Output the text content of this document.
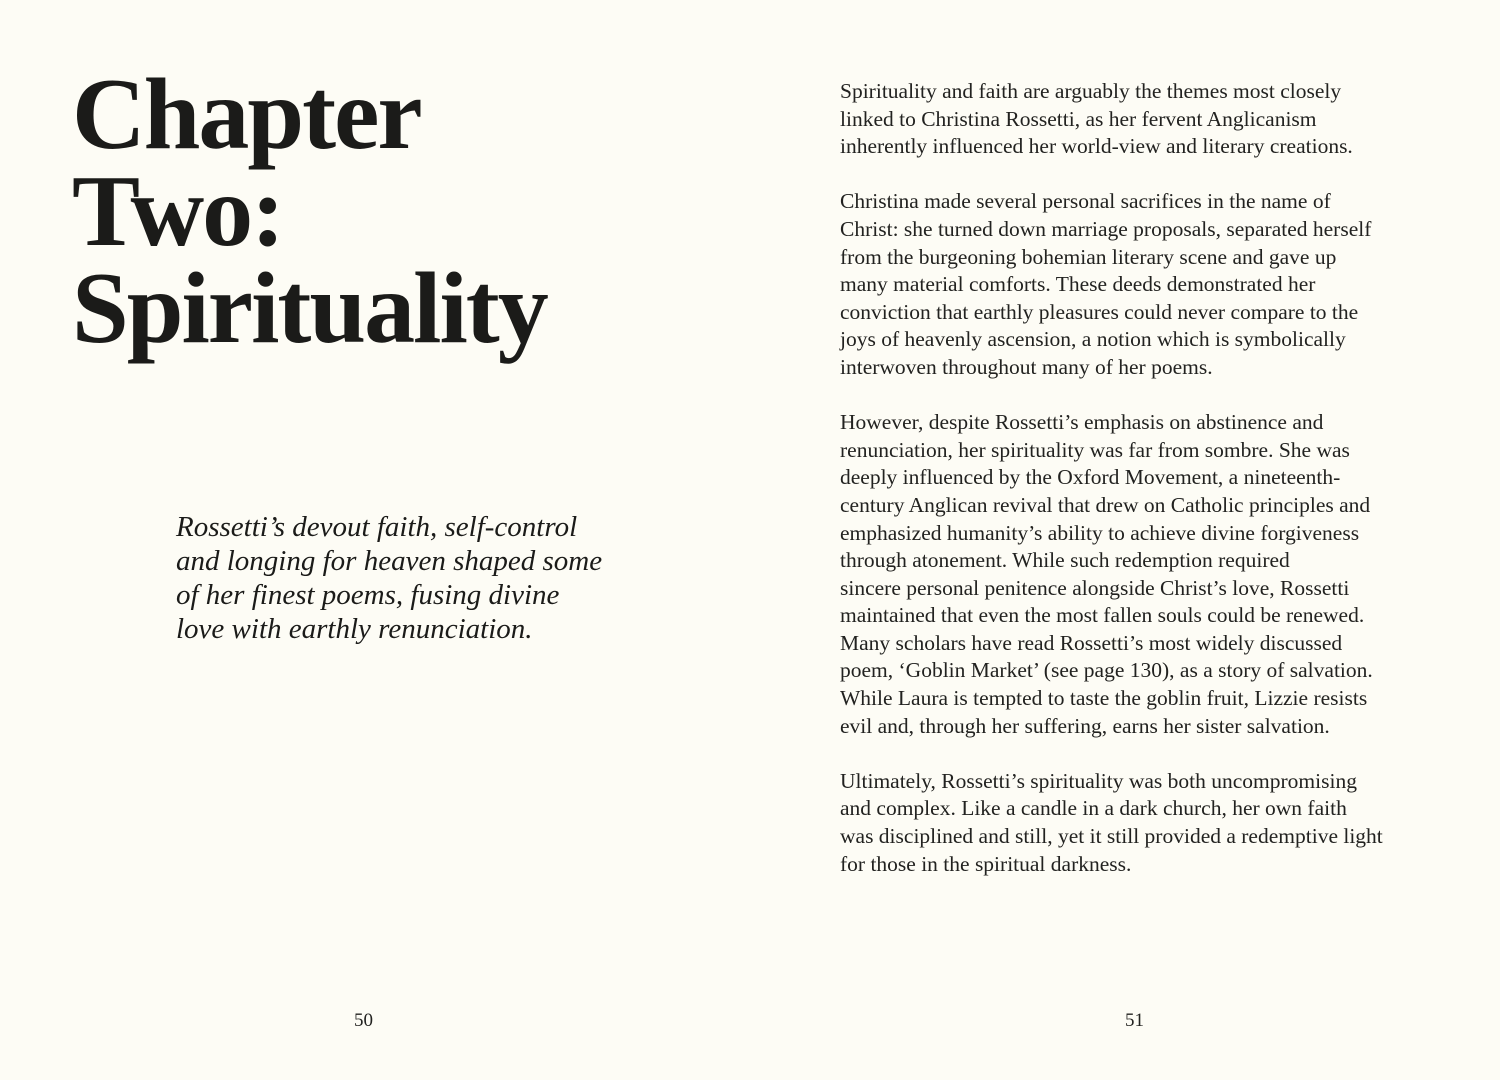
Chapter
Two:
Spirituality
Rossetti’s devout faith, self-control
and longing for heaven shaped some
of her finest poems, fusing divine
love with earthly renunciation.
50

Spirituality and faith are arguably the themes most closely
linked to Christina Rossetti, as her fervent Anglicanism
inherently influenced her world-view and literary creations.

Christina made several personal sacrifices in the name of
Christ: she turned down marriage proposals, separated herself
from the burgeoning bohemian literary scene and gave up
many material comforts. These deeds demonstrated her
conviction that earthly pleasures could never compare to the
joys of heavenly ascension, a notion which is symbolically
interwoven throughout many of her poems.

However, despite Rossetti’s emphasis on abstinence and
renunciation, her spirituality was far from sombre. She was
deeply influenced by the Oxford Movement, a nineteenth-
century Anglican revival that drew on Catholic principles and
emphasized humanity’s ability to achieve divine forgiveness
through atonement. While such redemption required
sincere personal penitence alongside Christ’s love, Rossetti
maintained that even the most fallen souls could be renewed.
Many scholars have read Rossetti’s most widely discussed
poem, ‘Goblin Market’ (see page 130), as a story of salvation.
While Laura is tempted to taste the goblin fruit, Lizzie resists
evil and, through her suffering, earns her sister salvation.

Ultimately, Rossetti’s spirituality was both uncompromising
and complex. Like a candle in a dark church, her own faith
was disciplined and still, yet it still provided a redemptive light
for those in the spiritual darkness.

51
